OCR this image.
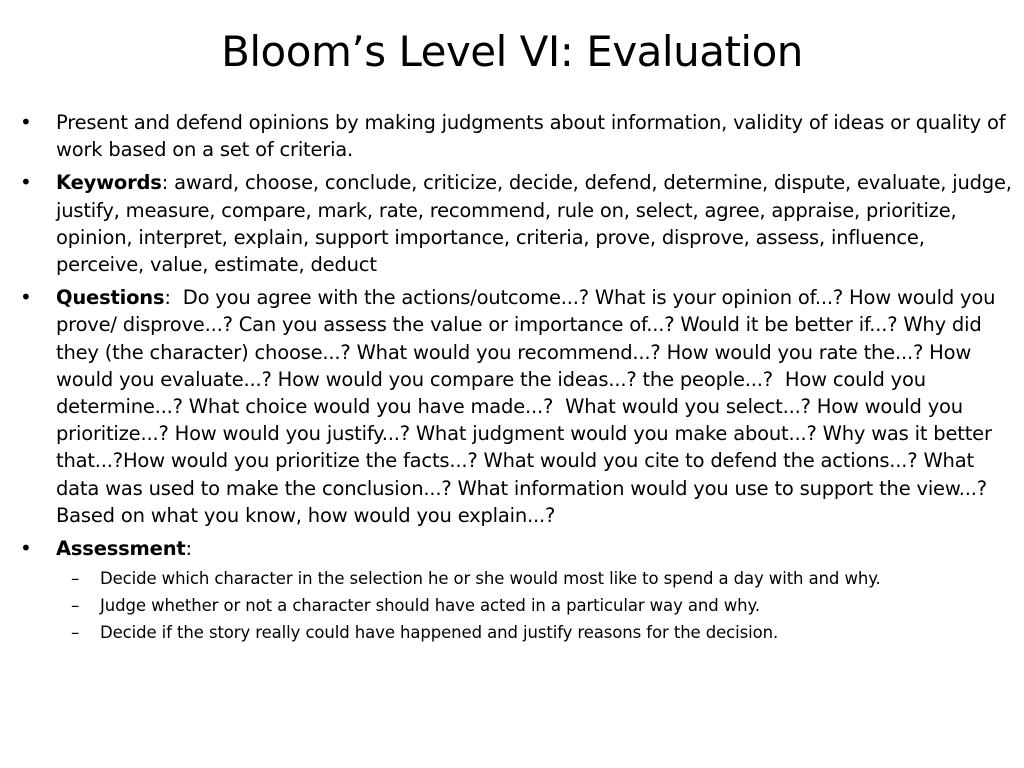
Bloom’s Level VI: Evaluation
• Present and defend opinions by making judgments about information, validity of ideas or quality of work based on a set of criteria.
• Keywords: award, choose, conclude, criticize, decide, defend, determine, dispute, evaluate, judge, justify, measure, compare, mark, rate, recommend, rule on, select, agree, appraise, prioritize, opinion, interpret, explain, support importance, criteria, prove, disprove, assess, influence, perceive, value, estimate, deduct
• Questions:  Do you agree with the actions/outcome...? What is your opinion of...? How would you prove/ disprove...? Can you assess the value or importance of...? Would it be better if...? Why did they (the character) choose...? What would you recommend...? How would you rate the...? How would you evaluate...? How would you compare the ideas...? the people...?  How could you determine...? What choice would you have made...?  What would you select...? How would you prioritize...? How would you justify...? What judgment would you make about...? Why was it better that...?How would you prioritize the facts...? What would you cite to defend the actions...? What data was used to make the conclusion...? What information would you use to support the view...? Based on what you know, how would you explain...?
• Assessment:
– Decide which character in the selection he or she would most like to spend a day with and why.
– Judge whether or not a character should have acted in a particular way and why.
– Decide if the story really could have happened and justify reasons for the decision.
